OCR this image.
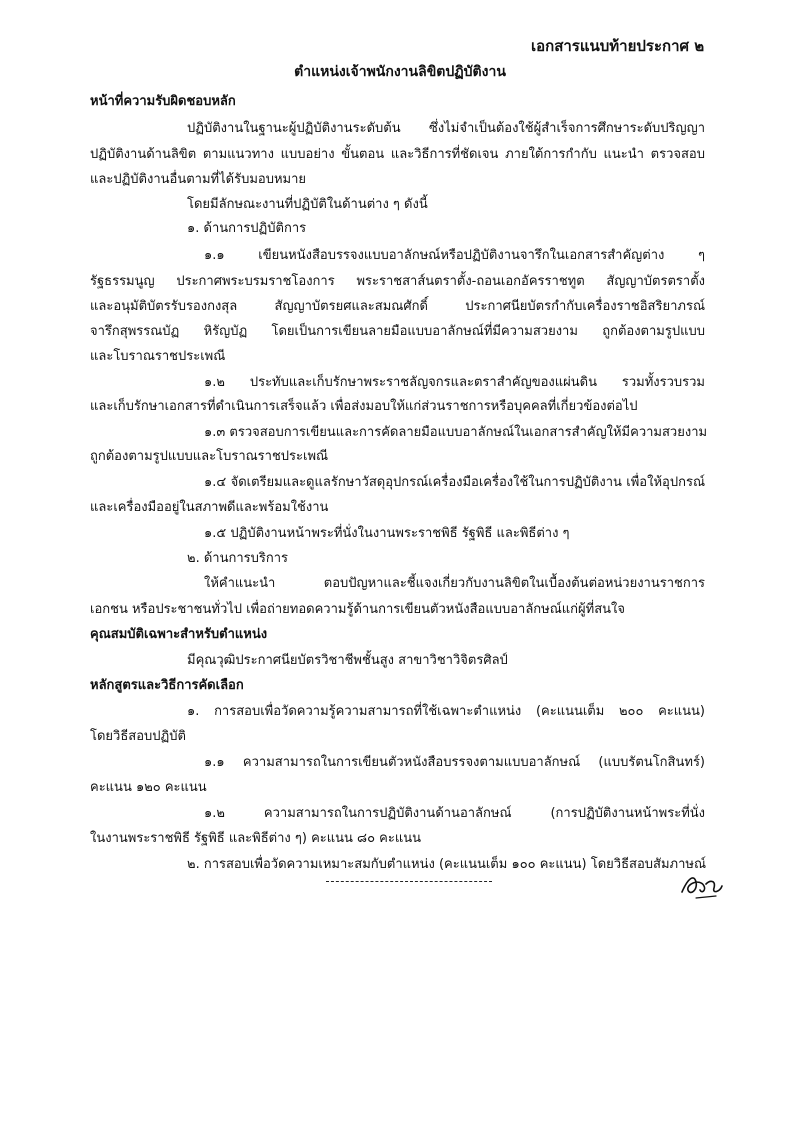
เอกสารแนบท้ายประกาศ ๒
ตำแหน่งเจ้าพนักงานลิขิตปฏิบัติงาน
หน้าที่ความรับผิดชอบหลัก
ปฏิบัติงานในฐานะผู้ปฏิบัติงานระดับต้น ซึ่งไม่จำเป็นต้องใช้ผู้สำเร็จการศึกษาระดับปริญญา
ปฏิบัติงานด้านลิขิต ตามแนวทาง แบบอย่าง ขั้นตอน และวิธีการที่ชัดเจน ภายใต้การกำกับ แนะนำ ตรวจสอบ
และปฏิบัติงานอื่นตามที่ได้รับมอบหมาย
โดยมีลักษณะงานที่ปฏิบัติในด้านต่าง ๆ ดังนี้
๑. ด้านการปฏิบัติการ
๑.๑ เขียนหนังสือบรรจงแบบอาลักษณ์หรือปฏิบัติงานจารึกในเอกสารสำคัญต่าง ๆ
รัฐธรรมนูญ ประกาศพระบรมราชโองการ พระราชสาส์นตราตั้ง-ถอนเอกอัครราชทูต สัญญาบัตรตราตั้ง
และอนุมัติบัตรรับรองกงสุล สัญญาบัตรยศและสมณศักดิ์ ประกาศนียบัตรกำกับเครื่องราชอิสริยาภรณ์
จารึกสุพรรณบัฏ หิรัญบัฏ โดยเป็นการเขียนลายมือแบบอาลักษณ์ที่มีความสวยงาม ถูกต้องตามรูปแบบ
และโบราณราชประเพณี
๑.๒ ประทับและเก็บรักษาพระราชลัญจกรและตราสำคัญของแผ่นดิน รวมทั้งรวบรวม
และเก็บรักษาเอกสารที่ดำเนินการเสร็จแล้ว เพื่อส่งมอบให้แก่ส่วนราชการหรือบุคคลที่เกี่ยวข้องต่อไป
๑.๓ ตรวจสอบการเขียนและการคัดลายมือแบบอาลักษณ์ในเอกสารสำคัญให้มีความสวยงาม
ถูกต้องตามรูปแบบและโบราณราชประเพณี
๑.๔ จัดเตรียมและดูแลรักษาวัสดุอุปกรณ์เครื่องมือเครื่องใช้ในการปฏิบัติงาน เพื่อให้อุปกรณ์
และเครื่องมืออยู่ในสภาพดีและพร้อมใช้งาน
๑.๕ ปฏิบัติงานหน้าพระที่นั่งในงานพระราชพิธี รัฐพิธี และพิธีต่าง ๆ
๒. ด้านการบริการ
ให้คำแนะนำ ตอบปัญหาและชี้แจงเกี่ยวกับงานลิขิตในเบื้องต้นต่อหน่วยงานราชการ
เอกชน หรือประชาชนทั่วไป เพื่อถ่ายทอดความรู้ด้านการเขียนตัวหนังสือแบบอาลักษณ์แก่ผู้ที่สนใจ
คุณสมบัติเฉพาะสำหรับตำแหน่ง
มีคุณวุฒิประกาศนียบัตรวิชาชีพชั้นสูง สาขาวิชาวิจิตรศิลป์
หลักสูตรและวิธีการคัดเลือก
๑. การสอบเพื่อวัดความรู้ความสามารถที่ใช้เฉพาะตำแหน่ง (คะแนนเต็ม ๒๐๐ คะแนน)
โดยวิธีสอบปฏิบัติ
๑.๑ ความสามารถในการเขียนตัวหนังสือบรรจงตามแบบอาลักษณ์ (แบบรัตนโกสินทร์)
คะแนน ๑๒๐ คะแนน
๑.๒ ความสามารถในการปฏิบัติงานด้านอาลักษณ์ (การปฏิบัติงานหน้าพระที่นั่ง
ในงานพระราชพิธี รัฐพิธี และพิธีต่าง ๆ) คะแนน ๘๐ คะแนน
๒. การสอบเพื่อวัดความเหมาะสมกับตำแหน่ง (คะแนนเต็ม ๑๐๐ คะแนน) โดยวิธีสอบสัมภาษณ์
